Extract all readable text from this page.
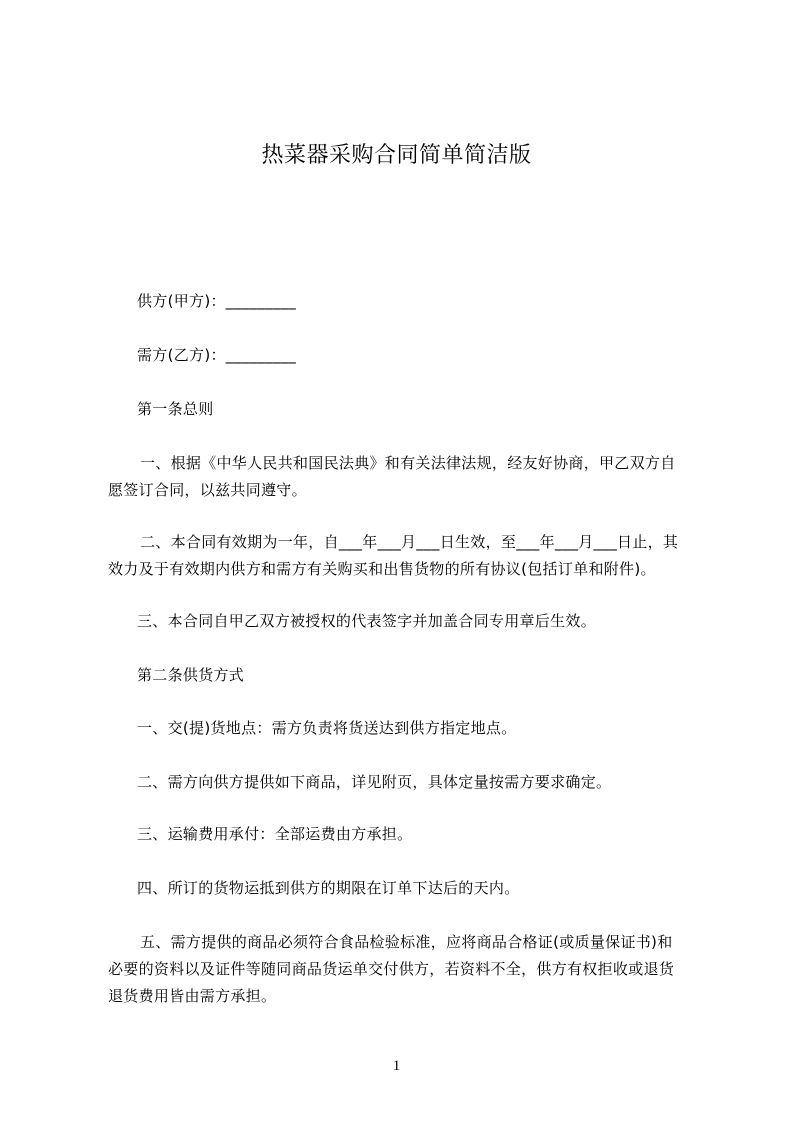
热菜器采购合同简单简洁版
供方(甲方)：_________
需方(乙方)：_________
第一条总则
一、根据《中华人民共和国民法典》和有关法律法规，经友好协商，甲乙双方自
愿签订合同，以兹共同遵守。
二、本合同有效期为一年，自___年___月___日生效，至___年___月___日止，其
效力及于有效期内供方和需方有关购买和出售货物的所有协议(包括订单和附件)。
三、本合同自甲乙双方被授权的代表签字并加盖合同专用章后生效。
第二条供货方式
一、交(提)货地点：需方负责将货送达到供方指定地点。
二、需方向供方提供如下商品，详见附页，具体定量按需方要求确定。
三、运输费用承付：全部运费由方承担。
四、所订的货物运抵到供方的期限在订单下达后的天内。
五、需方提供的商品必须符合食品检验标准，应将商品合格证(或质量保证书)和
必要的资料以及证件等随同商品货运单交付供方，若资料不全，供方有权拒收或退货
退货费用皆由需方承担。
1
